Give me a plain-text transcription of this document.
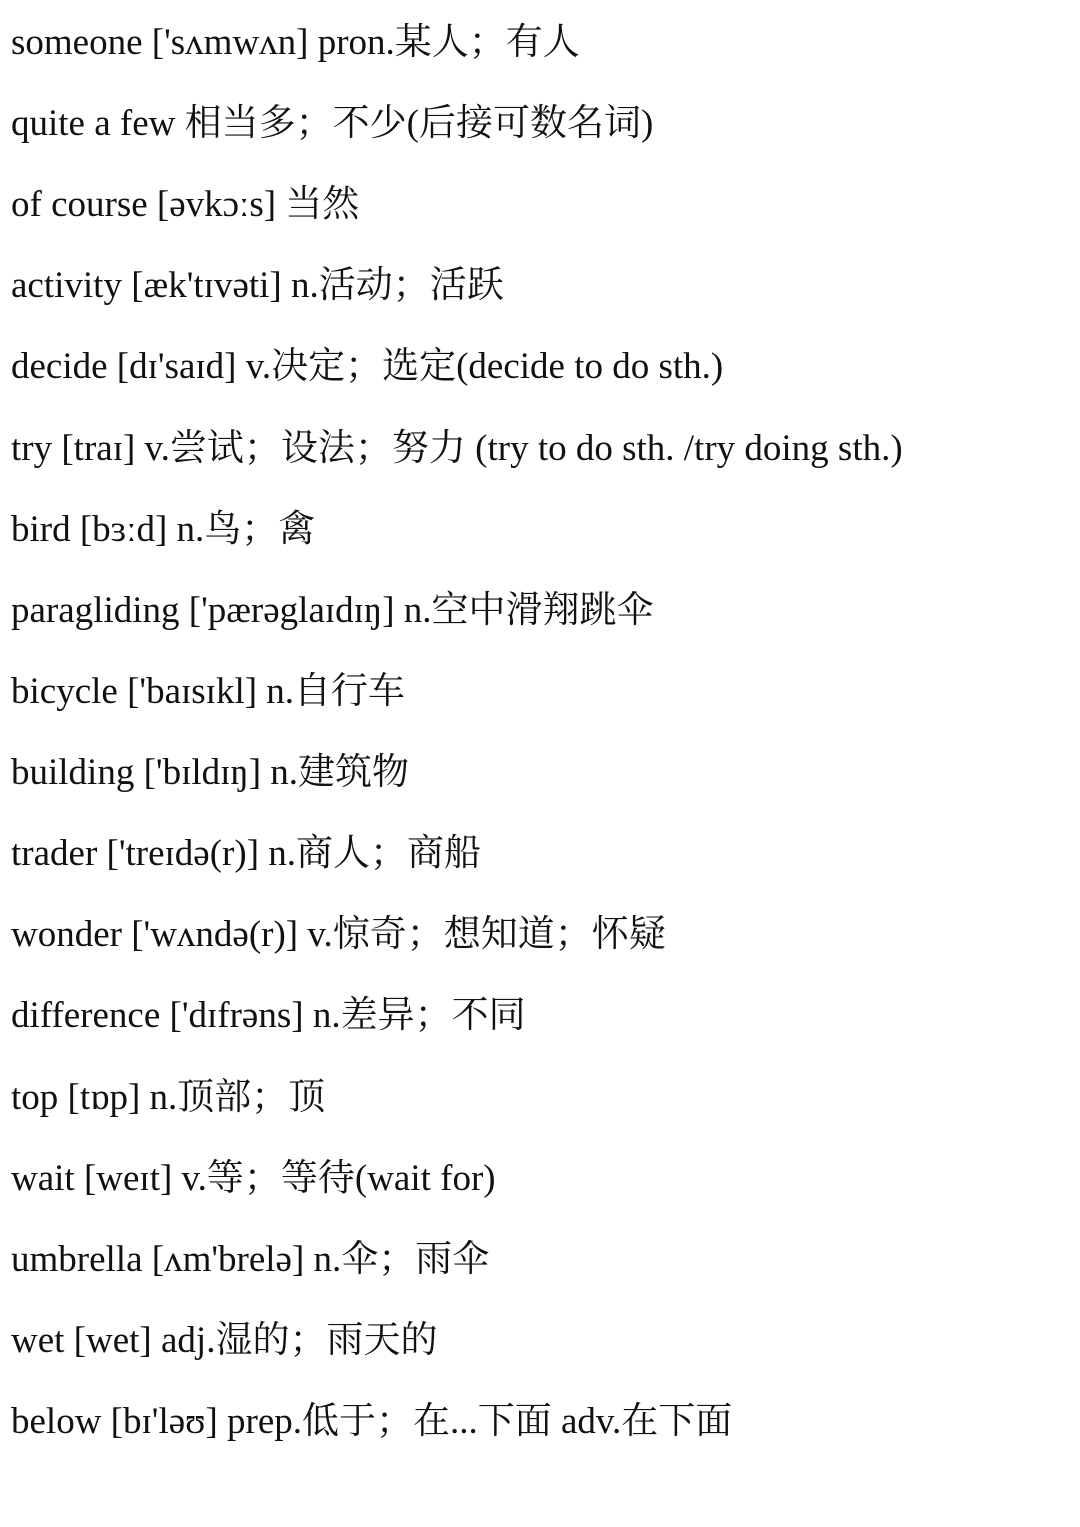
someone ['sʌmwʌn] pron.某人；有人
quite a few 相当多；不少(后接可数名词)
of course [əvkɔːs] 当然
activity [æk'tɪvəti] n.活动；活跃
decide [dɪ'saɪd] v.决定；选定(decide to do sth.)
try [traɪ] v.尝试；设法；努力 (try to do sth. /try doing sth.)
bird [bɜːd] n.鸟；禽
paragliding ['pærəglaɪdɪŋ] n.空中滑翔跳伞
bicycle ['baɪsɪkl] n.自行车
building ['bɪldɪŋ] n.建筑物
trader ['treɪdə(r)] n.商人；商船
wonder ['wʌndə(r)] v.惊奇；想知道；怀疑
difference ['dɪfrəns] n.差异；不同
top [tɒp] n.顶部；顶
wait [weɪt] v.等；等待(wait for)
umbrella [ʌm'brelə] n.伞；雨伞
wet [wet] adj.湿的；雨天的
below [bɪ'ləʊ] prep.低于；在...下面 adv.在下面
